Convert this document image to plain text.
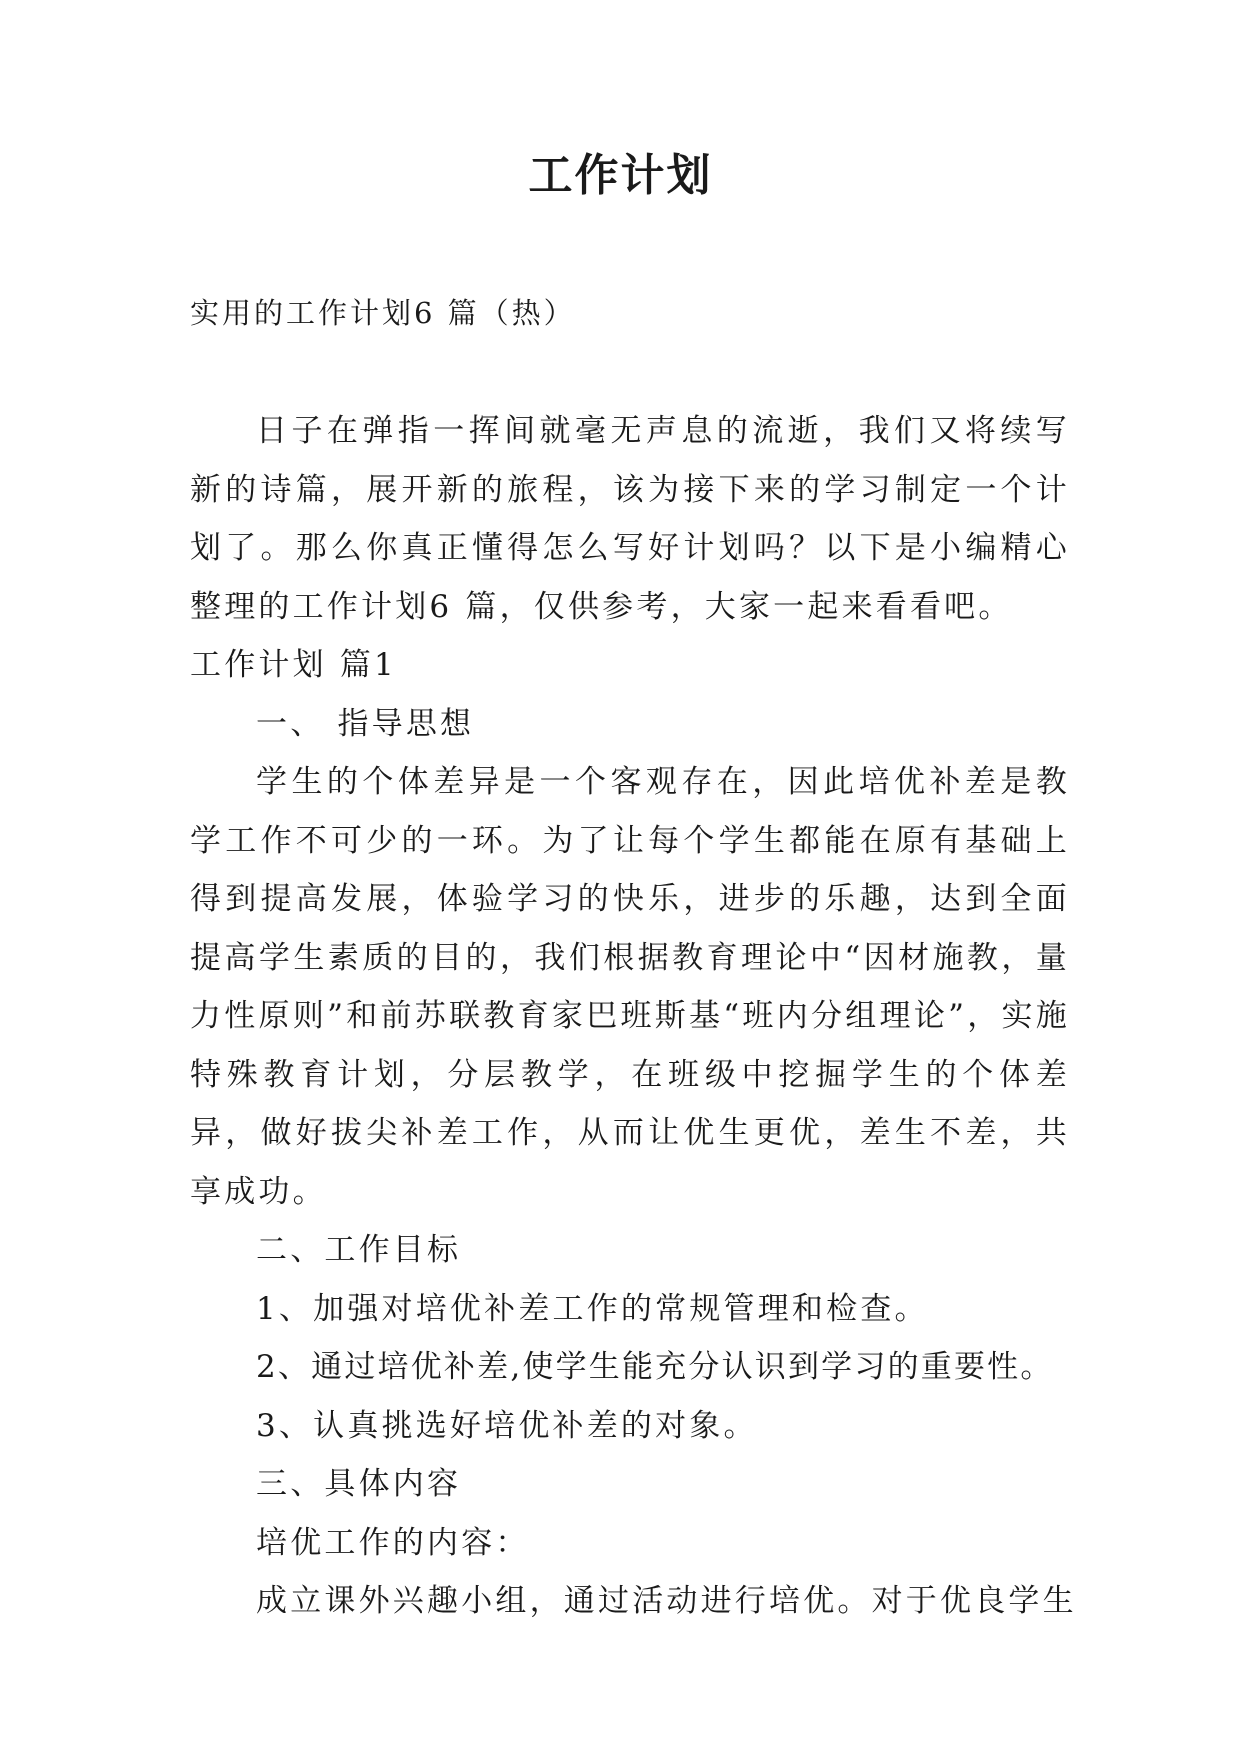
工作计划
实用的工作计划6 篇（热）

日子在弹指一挥间就毫无声息的流逝，我们又将续写新的诗篇，展开新的旅程，该为接下来的学习制定一个计划了。那么你真正懂得怎么写好计划吗？以下是小编精心整理的工作计划6 篇，仅供参考，大家一起来看看吧。

工作计划 篇1

一、 指导思想

学生的个体差异是一个客观存在，因此培优补差是教学工作不可少的一环。为了让每个学生都能在原有基础上得到提高发展，体验学习的快乐，进步的乐趣，达到全面提高学生素质的目的，我们根据教育理论中“因材施教，量力性原则”和前苏联教育家巴班斯基“班内分组理论”，实施特殊教育计划，分层教学，在班级中挖掘学生的个体差异，做好拔尖补差工作，从而让优生更优，差生不差，共享成功。

二、工作目标

1、加强对培优补差工作的常规管理和检查。

2、通过培优补差,使学生能充分认识到学习的重要性。

3、认真挑选好培优补差的对象。

三、具体内容

培优工作的内容：

成立课外兴趣小组，通过活动进行培优。对于优良学生
